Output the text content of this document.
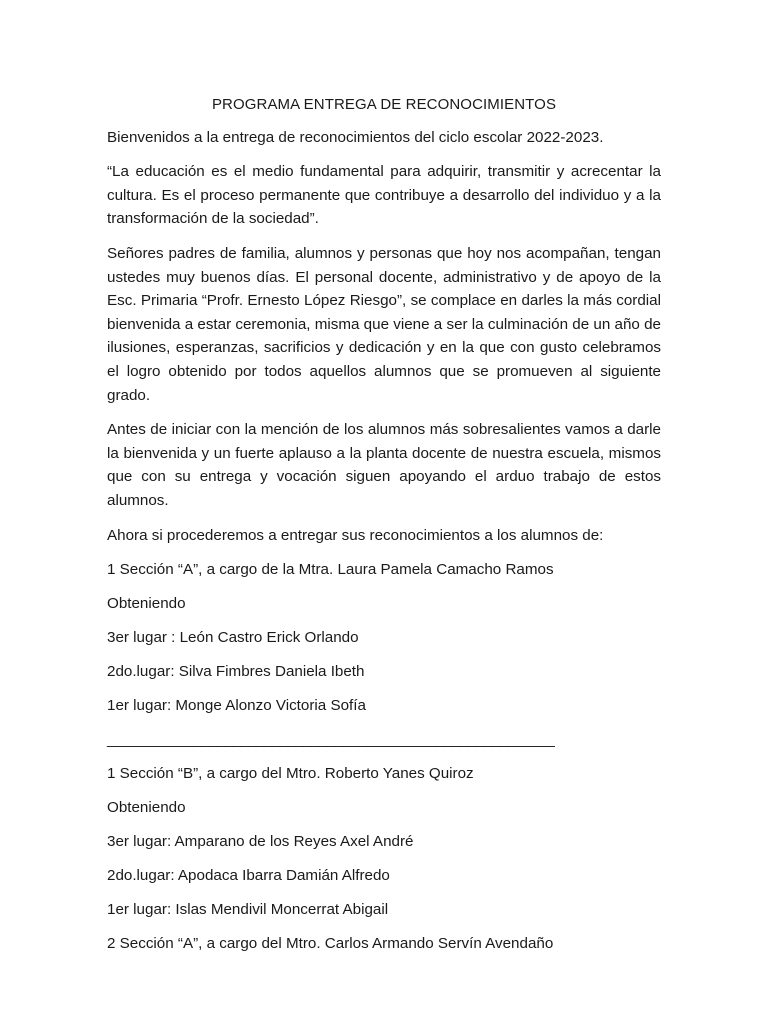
PROGRAMA ENTREGA DE RECONOCIMIENTOS
Bienvenidos a la entrega de reconocimientos del ciclo escolar 2022-2023.
“La educación es el medio fundamental para adquirir, transmitir y acrecentar la cultura. Es el proceso permanente que contribuye a desarrollo del individuo y a la transformación de la sociedad”.
Señores padres de familia, alumnos y personas que hoy nos acompañan, tengan ustedes muy buenos días. El personal docente, administrativo y de apoyo de la Esc. Primaria “Profr. Ernesto López Riesgo”, se complace en darles la más cordial bienvenida a estar ceremonia, misma que viene a ser la culminación de un año de ilusiones, esperanzas, sacrificios y dedicación y en la que con gusto celebramos el logro obtenido por todos aquellos alumnos que se promueven al siguiente grado.
Antes de iniciar con la mención de los alumnos más sobresalientes vamos a darle la bienvenida y un fuerte aplauso a la planta docente de nuestra escuela, mismos que con su entrega y vocación siguen apoyando el arduo trabajo de estos alumnos.
Ahora si procederemos a entregar sus reconocimientos a los alumnos de:
1 Sección “A”, a cargo de la Mtra. Laura Pamela Camacho Ramos
Obteniendo
3er lugar : León Castro Erick Orlando
2do.lugar: Silva Fimbres Daniela Ibeth
1er lugar: Monge Alonzo Victoria Sofía
_________________________________________________________
1 Sección “B”, a cargo del Mtro. Roberto Yanes Quiroz
Obteniendo
3er lugar: Amparano de los Reyes Axel André
2do.lugar: Apodaca Ibarra Damián Alfredo
1er lugar: Islas Mendivil Moncerrat Abigail
2 Sección “A”, a cargo del Mtro. Carlos Armando Servín Avendaño
